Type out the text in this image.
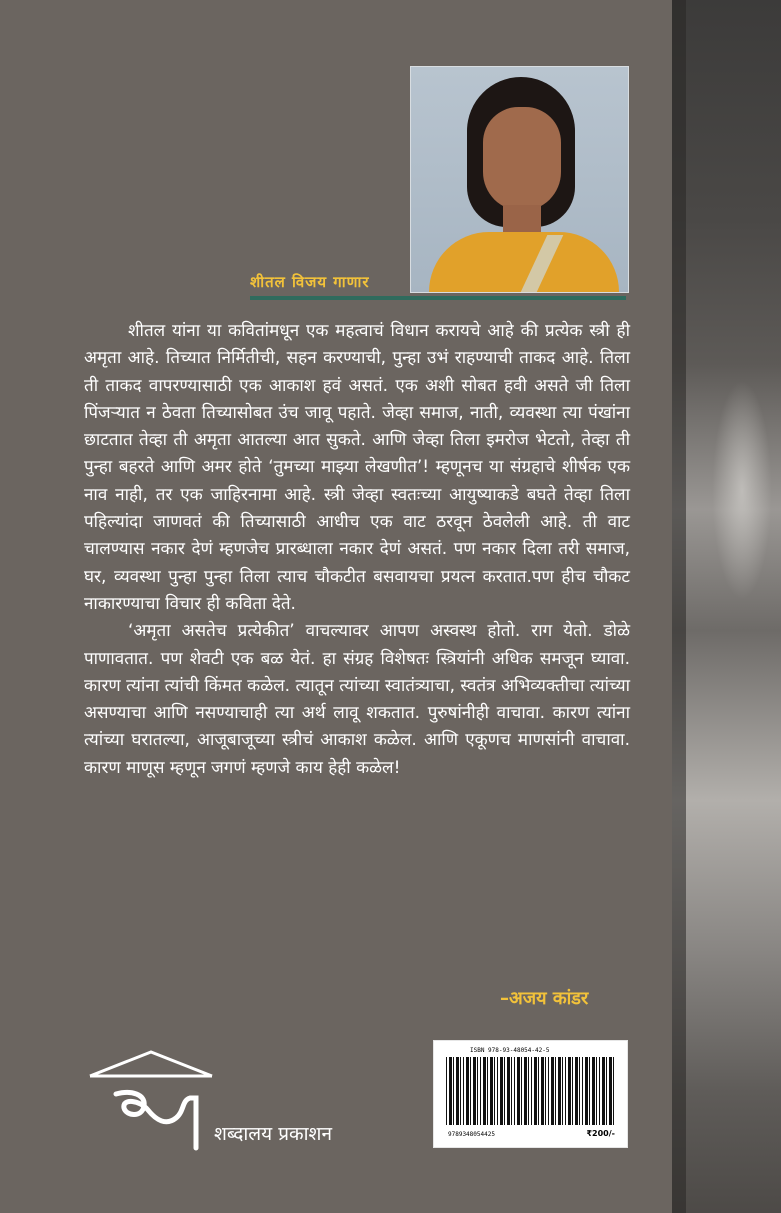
शीतल विजय गाणार

शीतल यांना या कवितांमधून एक महत्वाचं विधान करायचे आहे की प्रत्येक स्त्री ही अमृता आहे. तिच्यात निर्मितीची, सहन करण्याची, पुन्हा उभं राहण्याची ताकद आहे. तिला ती ताकद वापरण्यासाठी एक आकाश हवं असतं. एक अशी सोबत हवी असते जी तिला पिंजऱ्यात न ठेवता तिच्यासोबत उंच जावू पहाते. जेव्हा समाज, नाती, व्यवस्था त्या पंखांना छाटतात तेव्हा ती अमृता आतल्या आत सुकते. आणि जेव्हा तिला इमरोज भेटतो, तेव्हा ती पुन्हा बहरते आणि अमर होते ‘तुमच्या माझ्या लेखणीत’! म्हणूनच या संग्रहाचे शीर्षक एक नाव नाही, तर एक जाहिरनामा आहे. स्त्री जेव्हा स्वतःच्या आयुष्याकडे बघते तेव्हा तिला पहिल्यांदा जाणवतं की तिच्यासाठी आधीच एक वाट ठरवून ठेवलेली आहे. ती वाट चालण्यास नकार देणं म्हणजेच प्रारब्धाला नकार देणं असतं. पण नकार दिला तरी समाज, घर, व्यवस्था पुन्हा पुन्हा तिला त्याच चौकटीत बसवायचा प्रयत्न करतात.पण हीच चौकट नाकारण्याचा विचार ही कविता देते.

‘अमृता असतेच प्रत्येकीत’ वाचल्यावर आपण अस्वस्थ होतो. राग येतो. डोळे पाणावतात. पण शेवटी एक बळ येतं. हा संग्रह विशेषतः स्त्रियांनी अधिक समजून घ्यावा. कारण त्यांना त्यांची किंमत कळेल. त्यातून त्यांच्या स्वातंत्र्याचा, स्वतंत्र अभिव्यक्तीचा त्यांच्या असण्याचा आणि नसण्याचाही त्या अर्थ लावू शकतात. पुरुषांनीही वाचावा. कारण त्यांना त्यांच्या घरातल्या, आजूबाजूच्या स्त्रीचं आकाश कळेल. आणि एकूणच माणसांनी वाचावा. कारण माणूस म्हणून जगणं म्हणजे काय हेही कळेल!

–अजय कांडर
शब्दालय प्रकाशन
ISBN 978-93-48054-42-5
9789348054425	₹200/-
